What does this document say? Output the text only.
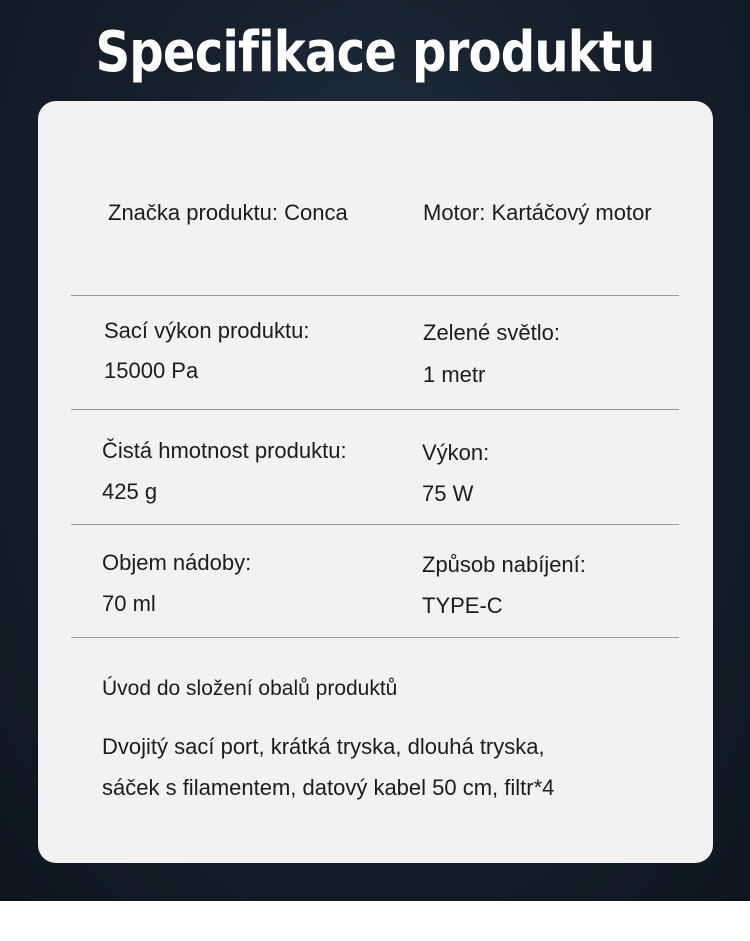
Specifikace produktu
Značka produktu: Conca	Motor: Kartáčový motor
Sací výkon produktu:
15000 Pa
Zelené světlo:
1 metr
Čistá hmotnost produktu:
425 g
Výkon:
75 W
Objem nádoby:
70 ml
Způsob nabíjení:
TYPE-C
Úvod do složení obalů produktů
Dvojitý sací port, krátká tryska, dlouhá tryska,
sáček s filamentem, datový kabel 50 cm, filtr*4
